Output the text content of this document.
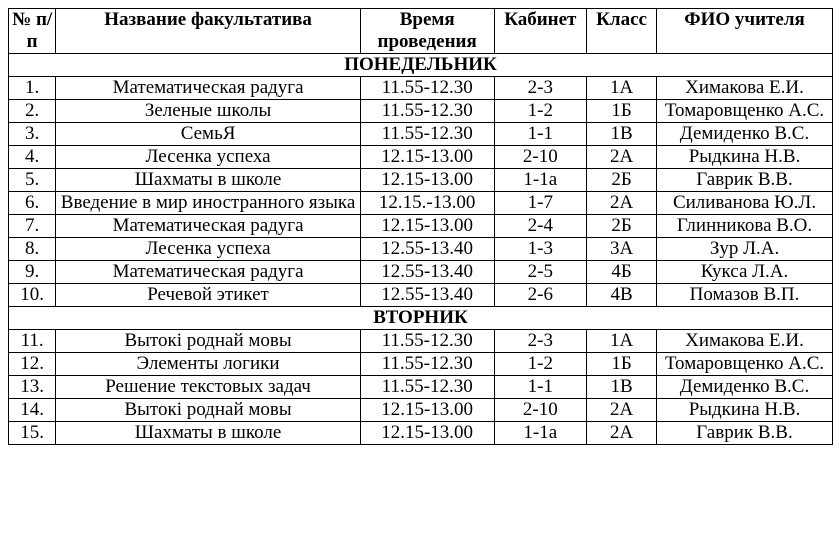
№ п/п	Название факультатива	Время проведения	Кабинет	Класс	ФИО учителя
ПОНЕДЕЛЬНИК					
1.	Математическая радуга	11.55-12.30	2-3	1А	Химакова Е.И.
2.	Зеленые школы	11.55-12.30	1-2	1Б	Томаровщенко А.С.
3.	СемьЯ	11.55-12.30	1-1	1В	Демиденко В.С.
4.	Лесенка успеха	12.15-13.00	2-10	2А	Рыдкина Н.В.
5.	Шахматы в школе	12.15-13.00	1-1а	2Б	Гаврик В.В.
6.	Введение в мир иностранного языка	12.15.-13.00	1-7	2А	Силиванова Ю.Л.
7.	Математическая радуга	12.15-13.00	2-4	2Б	Глинникова В.О.
8.	Лесенка успеха	12.55-13.40	1-3	3А	Зур Л.А.
9.	Математическая радуга	12.55-13.40	2-5	4Б	Кукса Л.А.
10.	Речевой этикет	12.55-13.40	2-6	4В	Помазов В.П.
ВТОРНИК					
11.	Вытокі роднай мовы	11.55-12.30	2-3	1А	Химакова Е.И.
12.	Элементы логики	11.55-12.30	1-2	1Б	Томаровщенко А.С.
13.	Решение текстовых задач	11.55-12.30	1-1	1В	Демиденко В.С.
14.	Вытокі роднай мовы	12.15-13.00	2-10	2А	Рыдкина Н.В.
15.	Шахматы в школе	12.15-13.00	1-1а	2А	Гаврик В.В.
